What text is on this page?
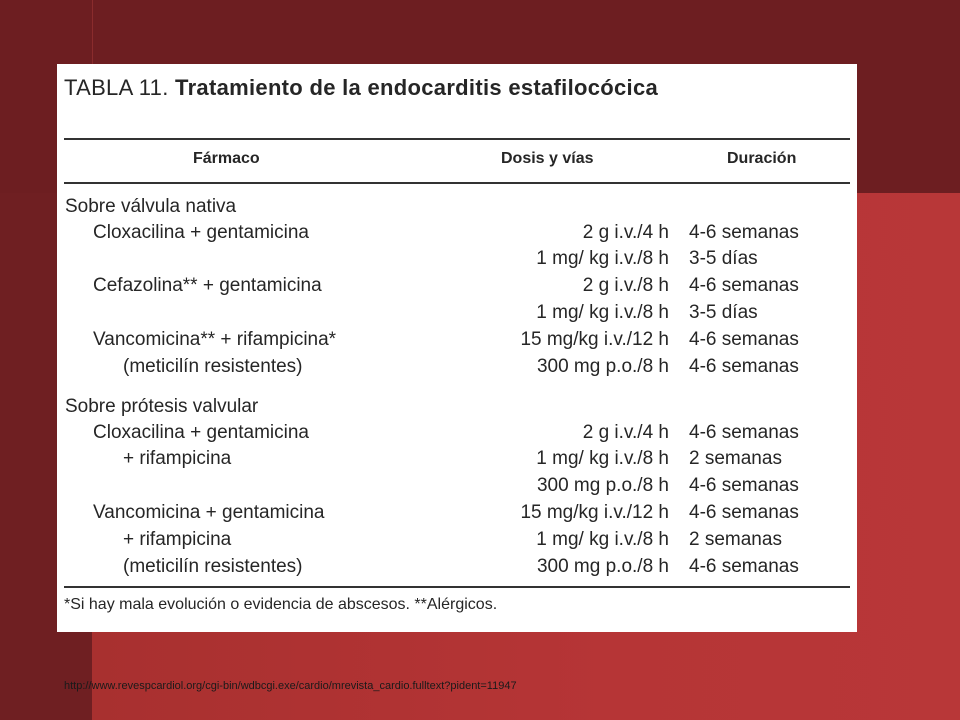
TABLA 11. Tratamiento de la endocarditis estafilocócica
Fármaco	Dosis y vías	Duración
Sobre válvula nativa
Cloxacilina + gentamicina	2 g i.v./4 h 4-6 semanas
1 mg/ kg i.v./8 h 3-5 días
Cefazolina** + gentamicina	2 g i.v./8 h 4-6 semanas
1 mg/ kg i.v./8 h 3-5 días
Vancomicina** + rifampicina*	15 mg/kg i.v./12 h 4-6 semanas
(meticilín resistentes)	300 mg p.o./8 h 4-6 semanas
Sobre prótesis valvular
Cloxacilina + gentamicina	2 g i.v./4 h 4-6 semanas
+ rifampicina	1 mg/ kg i.v./8 h 2 semanas
300 mg p.o./8 h 4-6 semanas
Vancomicina + gentamicina	15 mg/kg i.v./12 h 4-6 semanas
+ rifampicina	1 mg/ kg i.v./8 h 2 semanas
(meticilín resistentes)	300 mg p.o./8 h 4-6 semanas
*Si hay mala evolución o evidencia de abscesos. **Alérgicos.
http://www.revespcardiol.org/cgi-bin/wdbcgi.exe/cardio/mrevista_cardio.fulltext?pident=11947
